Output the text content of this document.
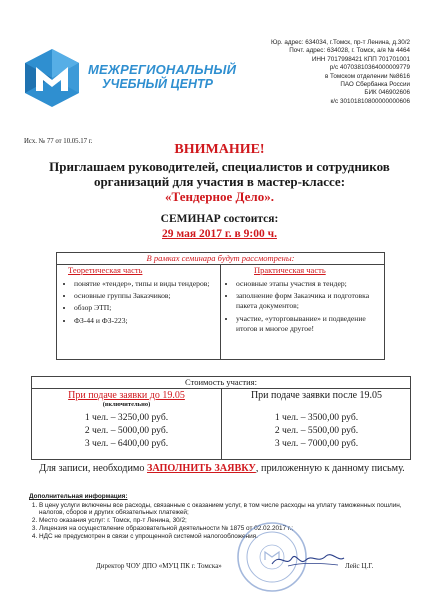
МЕЖРЕГИОНАЛЬНЫЙ
УЧЕБНЫЙ ЦЕНТР
Юр. адрес: 634034, г.Томск, пр-т Ленина, д.30/2
Почт. адрес: 634028, г. Томск, а/я № 4464
ИНН 7017998421 КПП 701701001
р/с 40703810364000009779
в Томском отделении №8616
ПАО Сбербанка России
БИК 046902606
к/с 30101810800000000606
Исх. № 77 от 10.05.17 г.
ВНИМАНИЕ!
Приглашаем руководителей, специалистов и сотрудников
организаций для участия в мастер-классе:
«Тендерное Дело».
СЕМИНАР состоится:
29 мая 2017 г. в 9:00 ч.
В рамках семинара будут рассмотрены:
Теоретическая часть
• понятие «тендер», типы и виды тендеров;
• основные группы Заказчиков;
• обзор ЭТП;
• ФЗ-44 и ФЗ-223;
Практическая часть
• основные этапы участия в тендер;
• заполнение форм Заказчика и подготовка пакета документов;
• участие, «уторговывание» и подведение итогов и многое другое!
Стоимость участия:
При подаче заявки до 19.05
(включительно)
1 чел. – 3250,00 руб.
2 чел. – 5000,00 руб.
3 чел. – 6400,00 руб.
При подаче заявки после 19.05
1 чел. – 3500,00 руб.
2 чел. – 5500,00 руб.
3 чел. – 7000,00 руб.
Для записи, необходимо ЗАПОЛНИТЬ ЗАЯВКУ, приложенную к данному письму.
Дополнительная информация:
1. В цену услуги включены все расходы, связанные с оказанием услуг, в том числе расходы на уплату таможенных пошлин, налогов, сборов и других обязательных платежей;
2. Место оказания услуг: г. Томск, пр-т Ленина, 30/2;
3. Лицензия на осуществление образовательной деятельности № 1875 от 02.02.2017 г.;
4. НДС не предусмотрен в связи с упрощенной системой налогообложения.
Директор ЧОУ ДПО «МУЦ ПК г. Томска»	Лейс Ц.Г.
